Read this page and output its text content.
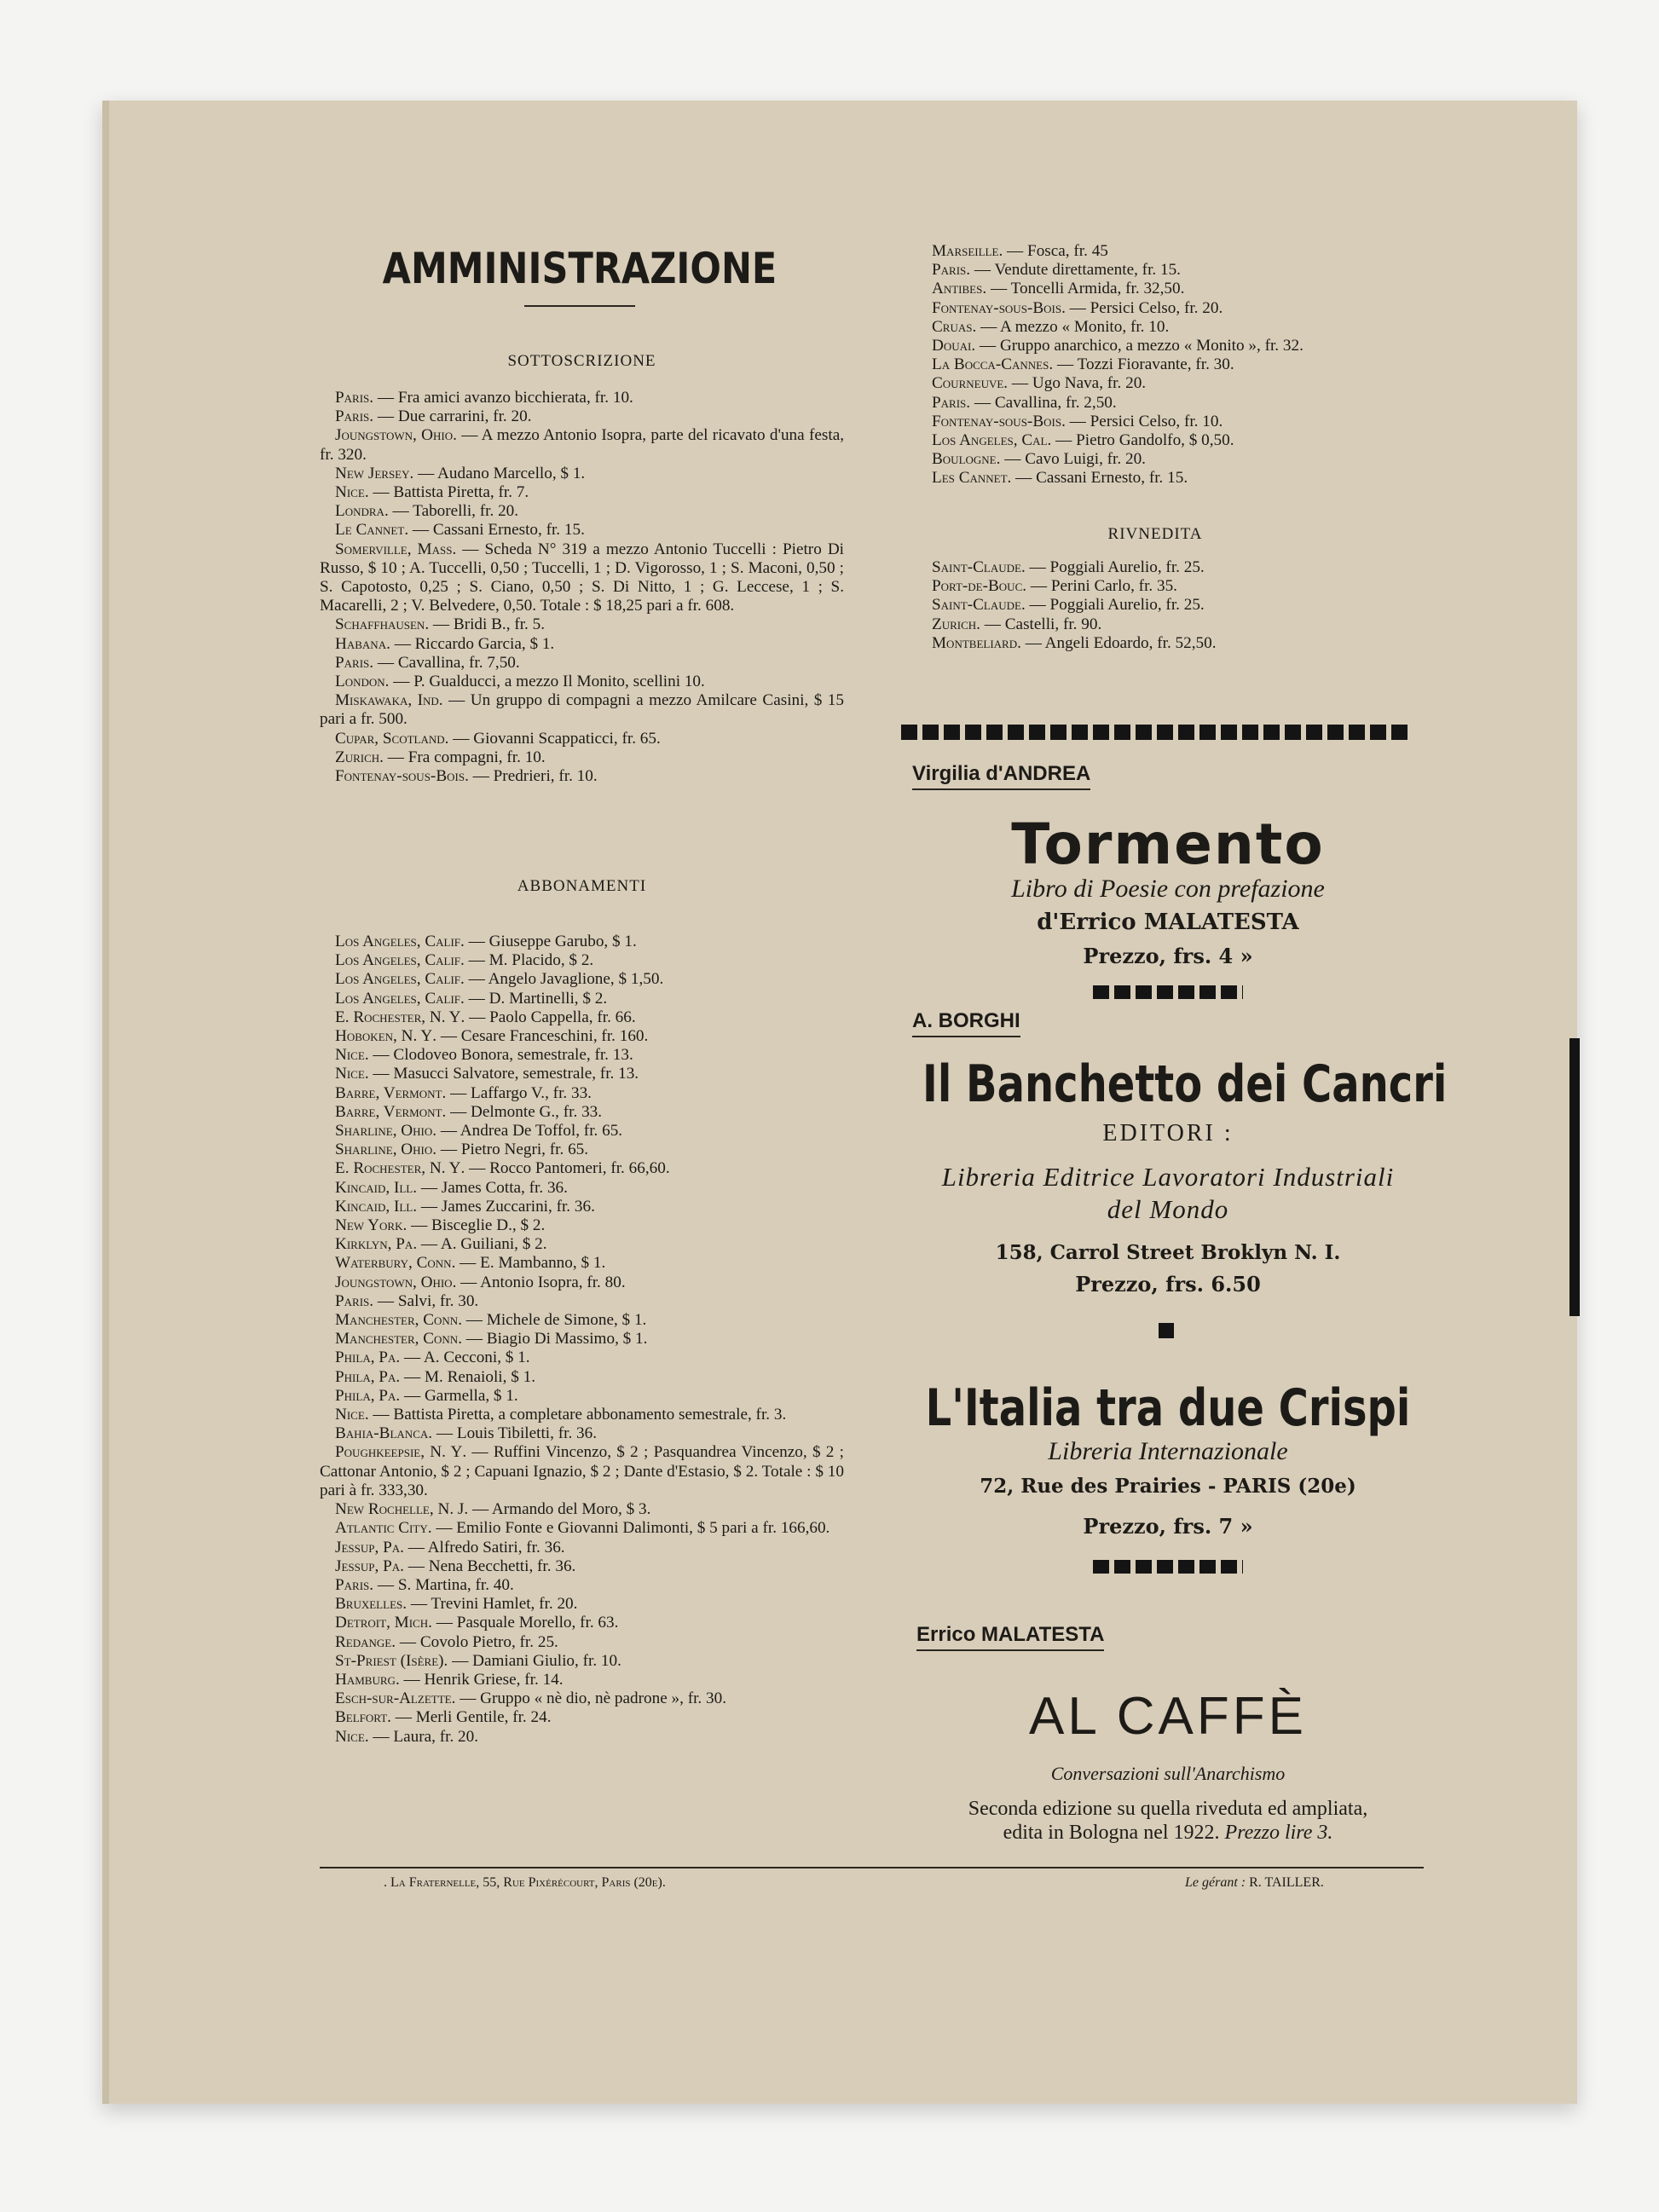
AMMINISTRAZIONE
SOTTOSCRIZIONE
Paris. — Fra amici avanzo bicchierata, fr. 10.
Paris. — Due carrarini, fr. 20.
Joungstown, Ohio. — A mezzo Antonio Isopra, parte del ricavato d'una festa, fr. 320.
New Jersey. — Audano Marcello, $ 1.
Nice. — Battista Piretta, fr. 7.
Londra. — Taborelli, fr. 20.
Le Cannet. — Cassani Ernesto, fr. 15.
Somerville, Mass. — Scheda N° 319 a mezzo Antonio Tuccelli : Pietro Di Russo, $ 10 ; A. Tuccelli, 0,50 ; Tuccelli, 1 ; D. Vigorosso, 1 ; S. Maconi, 0,50 ; S. Capotosto, 0,25 ; S. Ciano, 0,50 ; S. Di Nitto, 1 ; G. Leccese, 1 ; S. Macarelli, 2 ; V. Belvedere, 0,50. Totale : $ 18,25 pari a fr. 608.
Schaffhausen. — Bridi B., fr. 5.
Habana. — Riccardo Garcia, $ 1.
Paris. — Cavallina, fr. 7,50.
London. — P. Gualducci, a mezzo Il Monito, scellini 10.
Miskawaka, Ind. — Un gruppo di compagni a mezzo Amilcare Casini, $ 15 pari a fr. 500.
Cupar, Scotland. — Giovanni Scappaticci, fr. 65.
Zurich. — Fra compagni, fr. 10.
Fontenay-sous-Bois. — Predrieri, fr. 10.
ABBONAMENTI
Los Angeles, Calif. — Giuseppe Garubo, $ 1.
Los Angeles, Calif. — M. Placido, $ 2.
Los Angeles, Calif. — Angelo Javaglione, $ 1,50.
Los Angeles, Calif. — D. Martinelli, $ 2.
E. Rochester, N. Y. — Paolo Cappella, fr. 66.
Hoboken, N. Y. — Cesare Franceschini, fr. 160.
Nice. — Clodoveo Bonora, semestrale, fr. 13.
Nice. — Masucci Salvatore, semestrale, fr. 13.
Barre, Vermont. — Laffargo V., fr. 33.
Barre, Vermont. — Delmonte G., fr. 33.
Sharline, Ohio. — Andrea De Toffol, fr. 65.
Sharline, Ohio. — Pietro Negri, fr. 65.
E. Rochester, N. Y. — Rocco Pantomeri, fr. 66,60.
Kincaid, Ill. — James Cotta, fr. 36.
Kincaid, Ill. — James Zuccarini, fr. 36.
New York. — Bisceglie D., $ 2.
Kirklyn, Pa. — A. Guiliani, $ 2.
Waterbury, Conn. — E. Mambanno, $ 1.
Joungstown, Ohio. — Antonio Isopra, fr. 80.
Paris. — Salvi, fr. 30.
Manchester, Conn. — Michele de Simone, $ 1.
Manchester, Conn. — Biagio Di Massimo, $ 1.
Phila, Pa. — A. Cecconi, $ 1.
Phila, Pa. — M. Renaioli, $ 1.
Phila, Pa. — Garmella, $ 1.
Nice. — Battista Piretta, a completare abbonamento semestrale, fr. 3.
Bahia-Blanca. — Louis Tibiletti, fr. 36.
Poughkeepsie, N. Y. — Ruffini Vincenzo, $ 2 ; Pasquandrea Vincenzo, $ 2 ; Cattonar Antonio, $ 2 ; Capuani Ignazio, $ 2 ; Dante d'Estasio, $ 2. Totale : $ 10 pari à fr. 333,30.
New Rochelle, N. J. — Armando del Moro, $ 3.
Atlantic City. — Emilio Fonte e Giovanni Dalimonti, $ 5 pari a fr. 166,60.
Jessup, Pa. — Alfredo Satiri, fr. 36.
Jessup, Pa. — Nena Becchetti, fr. 36.
Paris. — S. Martina, fr. 40.
Bruxelles. — Trevini Hamlet, fr. 20.
Detroit, Mich. — Pasquale Morello, fr. 63.
Redange. — Covolo Pietro, fr. 25.
St-Priest (Isère). — Damiani Giulio, fr. 10.
Hamburg. — Henrik Griese, fr. 14.
Esch-sur-Alzette. — Gruppo « nè dio, nè padrone », fr. 30.
Belfort. — Merli Gentile, fr. 24.
Nice. — Laura, fr. 20.
Marseille. — Fosca, fr. 45
Paris. — Vendute direttamente, fr. 15.
Antibes. — Toncelli Armida, fr. 32,50.
Fontenay-sous-Bois. — Persici Celso, fr. 20.
Cruas. — A mezzo « Monito, fr. 10.
Douai. — Gruppo anarchico, a mezzo « Monito », fr. 32.
La Bocca-Cannes. — Tozzi Fioravante, fr. 30.
Courneuve. — Ugo Nava, fr. 20.
Paris. — Cavallina, fr. 2,50.
Fontenay-sous-Bois. — Persici Celso, fr. 10.
Los Angeles, Cal. — Pietro Gandolfo, $ 0,50.
Boulogne. — Cavo Luigi, fr. 20.
Les Cannet. — Cassani Ernesto, fr. 15.
RIVNEDITA
Saint-Claude. — Poggiali Aurelio, fr. 25.
Port-de-Bouc. — Perini Carlo, fr. 35.
Saint-Claude. — Poggiali Aurelio, fr. 25.
Zurich. — Castelli, fr. 90.
Montbeliard. — Angeli Edoardo, fr. 52,50.
Virgilia d'ANDREA
Tormento
Libro di Poesie con prefazione
d'Errico MALATESTA
Prezzo, frs. 4 »
A. BORGHI
Il Banchetto dei Cancri
EDITORI :
Libreria Editrice Lavoratori Industriali
del Mondo
158, Carrol Street Broklyn N. I.
Prezzo, frs. 6.50
L'Italia tra due Crispi
Libreria Internazionale
72, Rue des Prairies - PARIS (20e)
Prezzo, frs. 7 »
Errico MALATESTA
AL CAFFÈ
Conversazioni sull'Anarchismo
Seconda edizione su quella riveduta ed ampliata,
edita in Bologna nel 1922. Prezzo lire 3.
. La Fraternelle, 55, Rue Pixérécourt, Paris (20e).	Le gérant : R. TAILLER.
